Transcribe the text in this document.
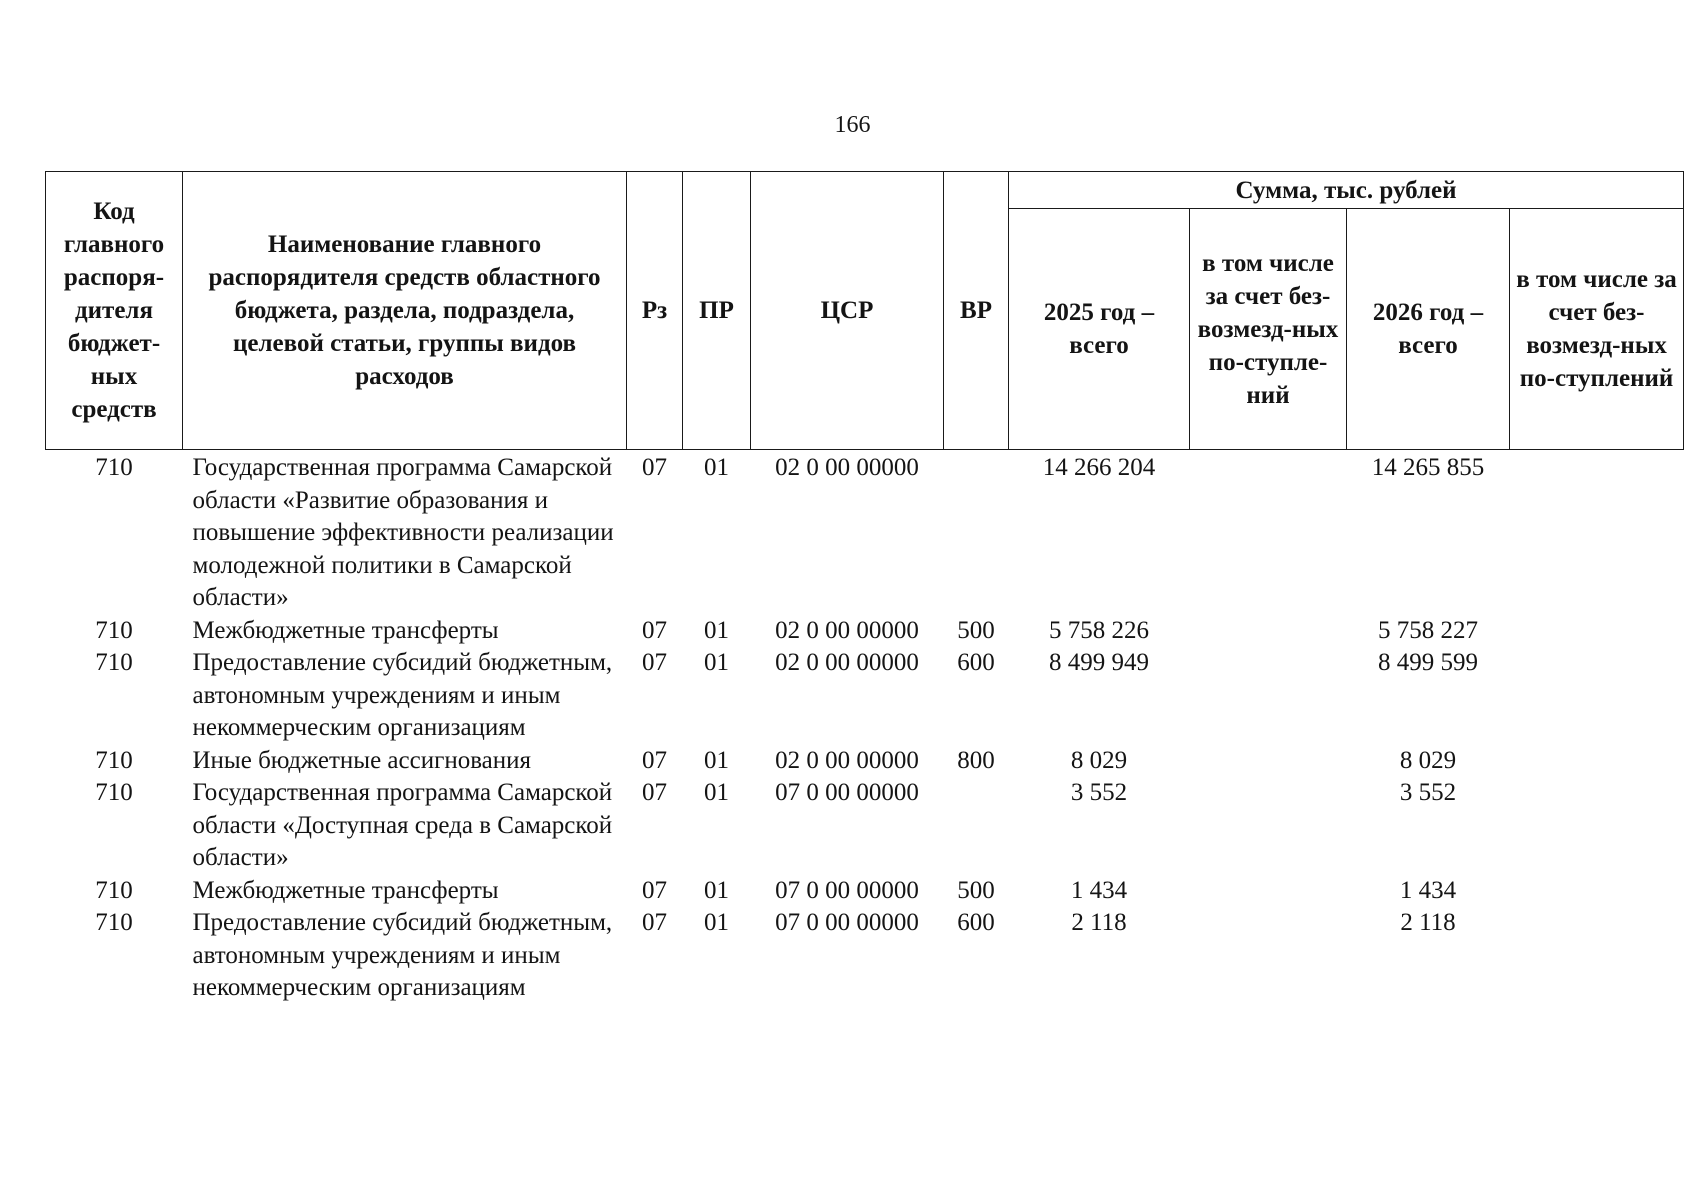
166
Код главного распоря-дителя бюджет-ных средств	Наименование главного распорядителя средств областного бюджета, раздела, подраздела, целевой статьи, группы видов расходов	Рз	ПР	ЦСР	ВР	Сумма, тыс. рублей			
						2025 год – всего	в том числе за счет без-возмезд-ных по-ступле-ний	2026 год – всего	в том числе за счет без-возмезд-ных по-ступлений
710	Государственная программа Самарской области «Развитие образования и повышение эффективности реализации молодежной политики в Самарской области»	07	01	02 0 00 00000		14 266 204		14 265 855	
710	Межбюджетные трансферты	07	01	02 0 00 00000	500	5 758 226		5 758 227	
710	Предоставление субсидий бюджетным, автономным учреждениям и иным некоммерческим организациям	07	01	02 0 00 00000	600	8 499 949		8 499 599	
710	Иные бюджетные ассигнования	07	01	02 0 00 00000	800	8 029		8 029	
710	Государственная программа Самарской области «Доступная среда в Самарской области»	07	01	07 0 00 00000		3 552		3 552	
710	Межбюджетные трансферты	07	01	07 0 00 00000	500	1 434		1 434	
710	Предоставление субсидий бюджетным, автономным учреждениям и иным некоммерческим организациям	07	01	07 0 00 00000	600	2 118		2 118	
